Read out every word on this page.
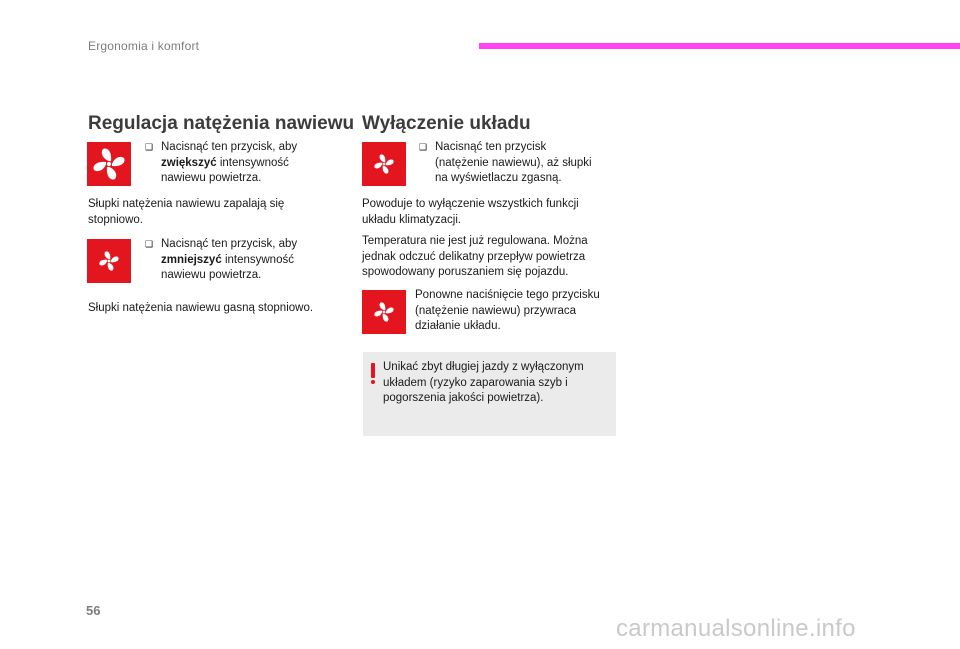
Ergonomia i komfort
Regulacja natężenia nawiewu
❑ Nacisnąć ten przycisk, aby
zwiększyć intensywność
nawiewu powietrza.
Słupki natężenia nawiewu zapalają się
stopniowo.
❑ Nacisnąć ten przycisk, aby
zmniejszyć intensywność
nawiewu powietrza.
Słupki natężenia nawiewu gasną stopniowo.
Wyłączenie układu
❑ Nacisnąć ten przycisk
(natężenie nawiewu), aż słupki
na wyświetlaczu zgasną.
Powoduje to wyłączenie wszystkich funkcji
układu klimatyzacji.
Temperatura nie jest już regulowana. Można
jednak odczuć delikatny przepływ powietrza
spowodowany poruszaniem się pojazdu.
Ponowne naciśnięcie tego przycisku
(natężenie nawiewu) przywraca
działanie układu.
Unikać zbyt długiej jazdy z wyłączonym
układem (ryzyko zaparowania szyb i
pogorszenia jakości powietrza).
56
carmanualsonline.info
